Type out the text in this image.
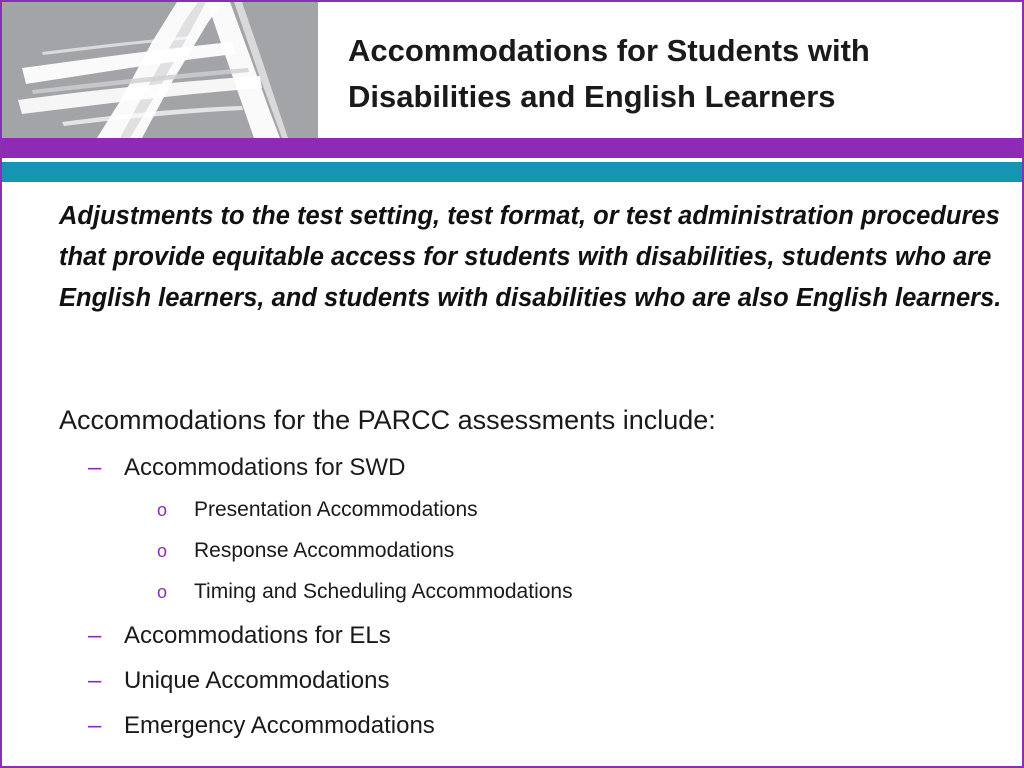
Accommodations for Students with
Disabilities and English Learners

Adjustments to the test setting, test format, or test administration procedures that provide equitable access for students with disabilities, students who are English learners, and students with disabilities who are also English learners.

Accommodations for the PARCC assessments include:

– Accommodations for SWD

o Presentation Accommodations

o Response Accommodations

o Timing and Scheduling Accommodations

– Accommodations for ELs

– Unique Accommodations

– Emergency Accommodations
